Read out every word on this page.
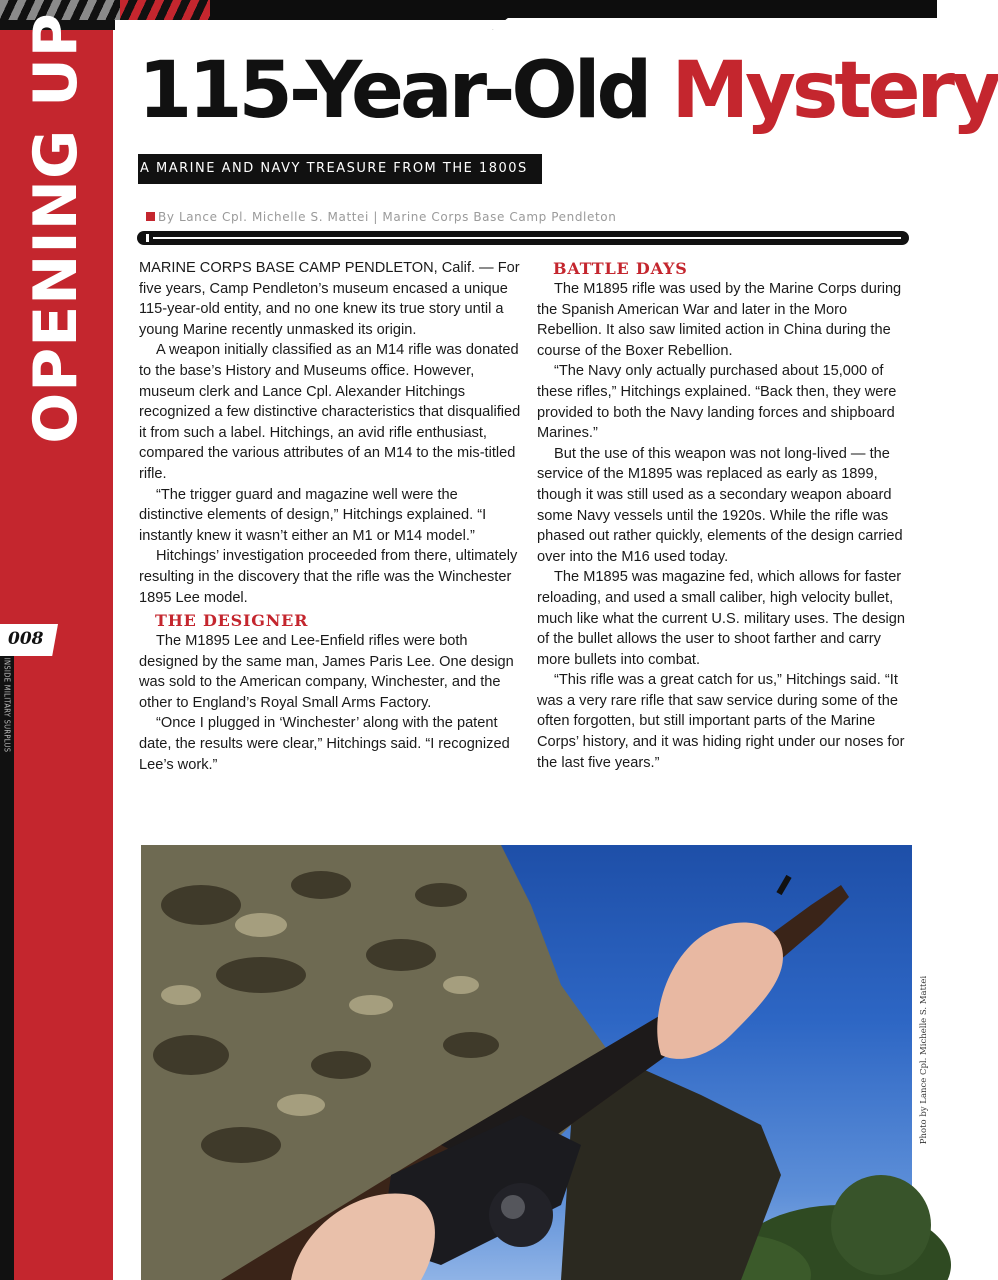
OPENING UP
008
INSIDE MILITARY SURPLUS
115-Year-Old Mystery
A MARINE AND NAVY TREASURE FROM THE 1800S
By Lance Cpl. Michelle S. Mattei | Marine Corps Base Camp Pendleton

MARINE CORPS BASE CAMP PENDLETON, Calif. — For five years, Camp Pendleton’s museum encased a unique 115-year-old entity, and no one knew its true story until a young Marine recently unmasked its origin.

A weapon initially classified as an M14 rifle was donated to the base’s History and Museums office. However, museum clerk and Lance Cpl. Alexander Hitchings recognized a few distinctive characteristics that disqualified it from such a label. Hitchings, an avid rifle enthusiast, compared the various attributes of an M14 to the mis-titled rifle.

“The trigger guard and magazine well were the distinctive elements of design,” Hitchings explained. “I instantly knew it wasn’t either an M1 or M14 model.”

Hitchings’ investigation proceeded from there, ultimately resulting in the discovery that the rifle was the Winchester 1895 Lee model.

THE DESIGNER

The M1895 Lee and Lee-Enfield rifles were both designed by the same man, James Paris Lee. One design was sold to the American company, Winchester, and the other to England’s Royal Small Arms Factory.

“Once I plugged in ‘Winchester’ along with the patent date, the results were clear,” Hitchings said. “I recognized Lee’s work.”

BATTLE DAYS

The M1895 rifle was used by the Marine Corps during the Spanish American War and later in the Moro Rebellion. It also saw limited action in China during the course of the Boxer Rebellion.

“The Navy only actually purchased about 15,000 of these rifles,” Hitchings explained. “Back then, they were provided to both the Navy landing forces and shipboard Marines.”

But the use of this weapon was not long-lived — the service of the M1895 was replaced as early as 1899, though it was still used as a secondary weapon aboard some Navy vessels until the 1920s. While the rifle was phased out rather quickly, elements of the design carried over into the M16 used today.

The M1895 was magazine fed, which allows for faster reloading, and used a small caliber, high velocity bullet, much like what the current U.S. military uses. The design of the bullet allows the user to shoot farther and carry more bullets into combat.

“This rifle was a great catch for us,” Hitchings said. “It was a very rare rifle that saw service during some of the often forgotten, but still important parts of the Marine Corps’ history, and it was hiding right under our noses for the last five years.”

Photo by Lance Cpl. Michelle S. Mattei
